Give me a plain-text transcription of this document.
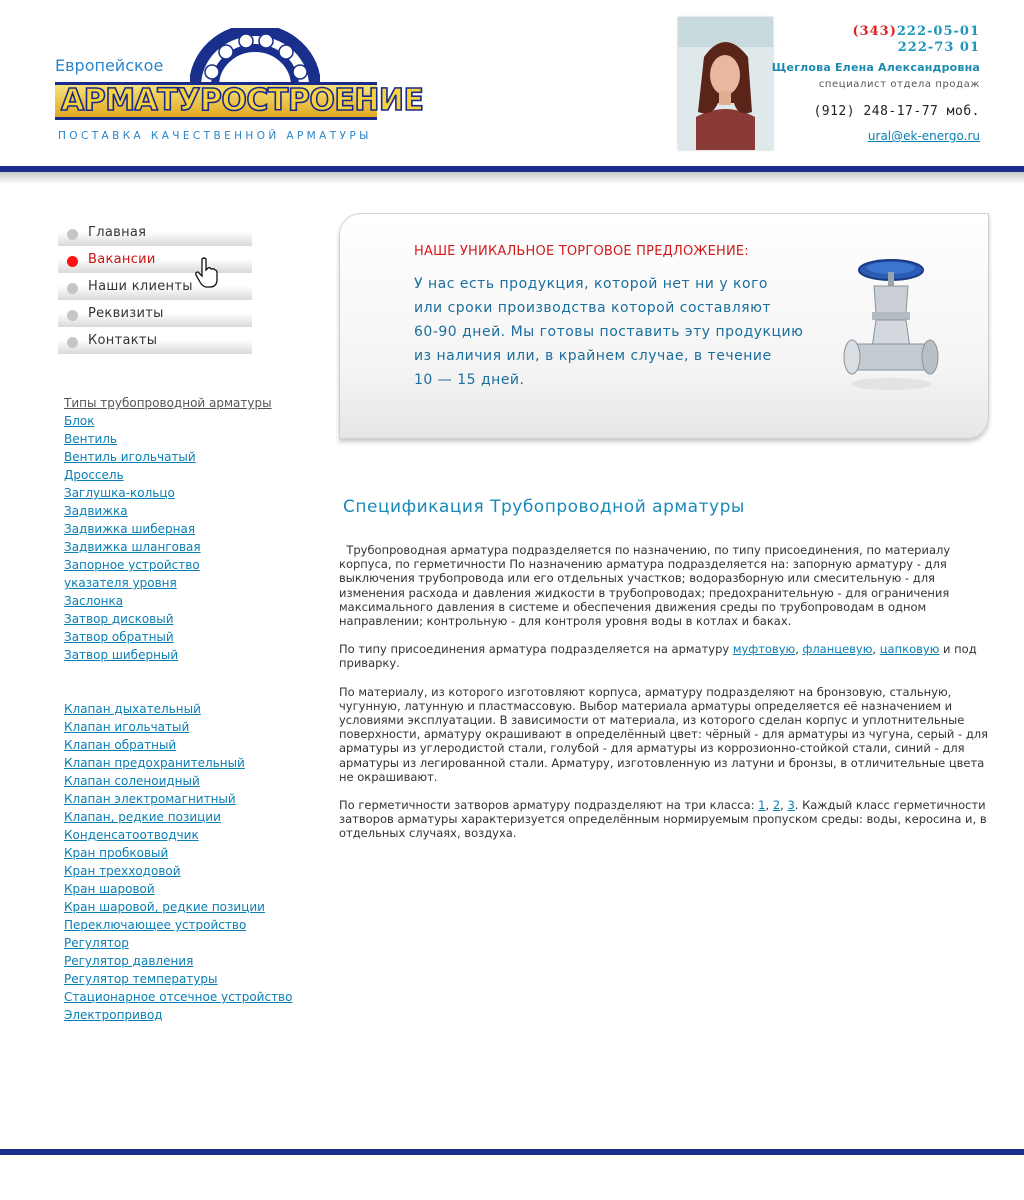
Европейское
АРМАТУРОСТРОЕНИЕ
ПОСТАВКА КАЧЕСТВЕННОЙ АРМАТУРЫ
(343)222-05-01
222-73 01
Щеглова Елена Александровна
специалист отдела продаж
(912) 248-17-77 моб.
ural@ek-energo.ru
Главная
Вакансии
Наши клиенты
Реквизиты
Контакты
Типы трубопроводной арматуры
Блок
Вентиль
Вентиль игольчатый
Дроссель
Заглушка-кольцо
Задвижка
Задвижка шиберная
Задвижка шланговая
Запорное устройство
указателя уровня
Заслонка
Затвор дисковый
Затвор обратный
Затвор шиберный
Клапан дыхательный
Клапан игольчатый
Клапан обратный
Клапан предохранительный
Клапан соленоидный
Клапан электромагнитный
Клапан, редкие позиции
Конденсатоотводчик
Кран пробковый
Кран трехходовой
Кран шаровой
Кран шаровой, редкие позиции
Переключающее устройство
Регулятор
Регулятор давления
Регулятор температуры
Стационарное отсечное устройство
Электропривод
НАШЕ УНИКАЛЬНОЕ ТОРГОВОЕ ПРЕДЛОЖЕНИЕ:
У нас есть продукция, которой нет ни у кого
или сроки производства которой составляют
60-90 дней. Мы готовы поставить эту продукцию
из наличия или, в крайнем случае, в течение
10 — 15 дней.
Спецификация Трубопроводной арматуры

Трубопроводная арматура подразделяется по назначению, по типу присоединения, по материалу корпуса, по герметичности По назначению арматура подразделяется на: запорную арматуру - для выключения трубопровода или его отдельных участков; водоразборную или смесительную - для изменения расхода и давления жидкости в трубопроводах; предохранительную - для ограничения максимального давления в системе и обеспечения движения среды по трубопроводам в одном направлении; контрольную - для контроля уровня воды в котлах и баках.

По типу присоединения арматура подразделяется на арматуру муфтовую, фланцевую, цапковую и под приварку.

По материалу, из которого изготовляют корпуса, арматуру подразделяют на бронзовую, стальную, чугунную, латунную и пластмассовую. Выбор материала арматуры определяется её назначением и условиями эксплуатации. В зависимости от материала, из которого сделан корпус и уплотнительные поверхности, арматуру окрашивают в определённый цвет: чёрный - для арматуры из чугуна, серый - для арматуры из углеродистой стали, голубой - для арматуры из коррозионно-стойкой стали, синий - для арматуры из легированной стали. Арматуру, изготовленную из латуни и бронзы, в отличительные цвета не окрашивают.

По герметичности затворов арматуру подразделяют на три класса: 1, 2, 3. Каждый класс герметичности затворов арматуры характеризуется определённым нормируемым пропуском среды: воды, керосина и, в отдельных случаях, воздуха.
